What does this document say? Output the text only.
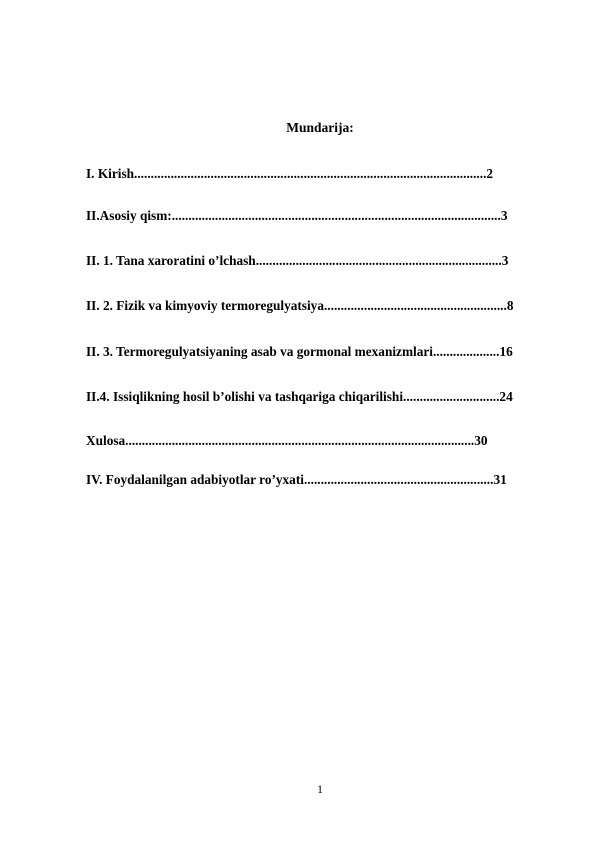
Mundarija:
I. Kirish..........................................................................................................2
II.Asosiy qism:...................................................................................................3
II. 1. Tana xaroratini o’lchash..........................................................................3
II. 2. Fizik va kimyoviy termoregulyatsiya.......................................................8
II. 3. Termoregulyatsiyaning asab va gormonal mexanizmlari....................16
II.4. Issiqlikning hosil bʼolishi va tashqariga chiqarilishi.............................24
Xulosa.........................................................................................................30
IV. Foydalanilgan adabiyotlar ro’yxati.........................................................31
1
